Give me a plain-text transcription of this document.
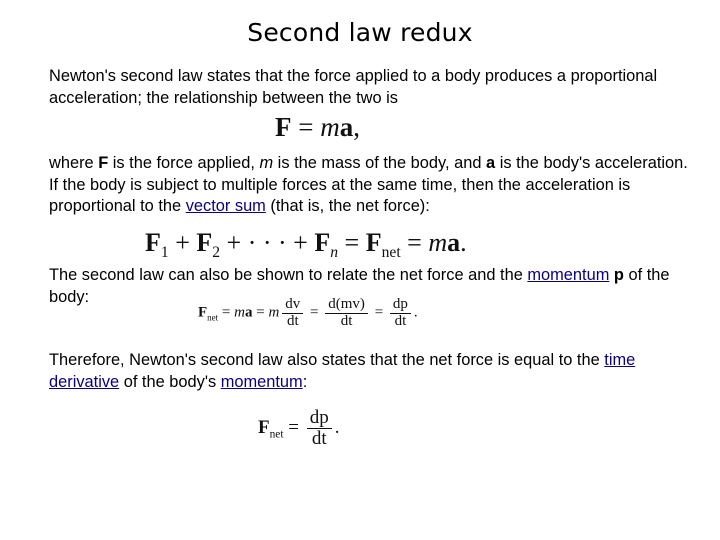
Second law redux
Newton's second law states that the force applied to a body produces a proportional acceleration; the relationship between the two is
F = ma,
where F is the force applied, m is the mass of the body, and a is the body's acceleration. If the body is subject to multiple forces at the same time, then the acceleration is proportional to the vector sum (that is, the net force):
$F_1 + F_2$ + · · · + $F_n = F_{net}$ = ma.
The second law can also be shown to relate the net force and the momentum p of the body:
$F_{net}$ = ma = m $\frac{dv}{dt} = \frac{d(mv)}{dt} = \frac{dp}{dt}$ .
Therefore, Newton's second law also states that the net force is equal to the time derivative of the body's momentum:
$F_{net} = \frac{dp}{dt}$ .
